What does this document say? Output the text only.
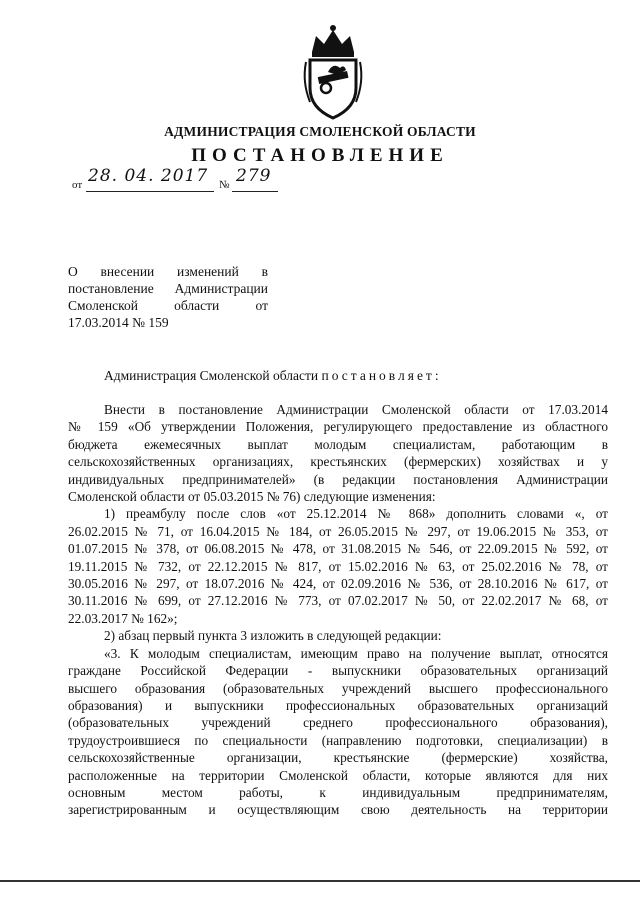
АДМИНИСТРАЦИЯ СМОЛЕНСКОЙ ОБЛАСТИ
ПОСТАНОВЛЕНИЕ
от 28. 04. 2017 № 279
О внесении изменений в
постановление Администрации
Смоленской области от
17.03.2014 № 159
Администрация Смоленской области постановляет:
Внести в постановление Администрации Смоленской области от 17.03.2014
№ 159 «Об утверждении Положения, регулирующего предоставление из областного
бюджета ежемесячных выплат молодым специалистам, работающим в
сельскохозяйственных организациях, крестьянских (фермерских) хозяйствах и у
индивидуальных предпринимателей» (в редакции постановления Администрации
Смоленской области от 05.03.2015 № 76) следующие изменения:
1) преамбулу после слов «от 25.12.2014 № 868» дополнить словами «, от
26.02.2015 № 71, от 16.04.2015 № 184, от 26.05.2015 № 297, от 19.06.2015 № 353, от
01.07.2015 № 378, от 06.08.2015 № 478, от 31.08.2015 № 546, от 22.09.2015 № 592, от
19.11.2015 № 732, от 22.12.2015 № 817, от 15.02.2016 № 63, от 25.02.2016 № 78, от
30.05.2016 № 297, от 18.07.2016 № 424, от 02.09.2016 № 536, от 28.10.2016 № 617, от
30.11.2016 № 699, от 27.12.2016 № 773, от 07.02.2017 № 50, от 22.02.2017 № 68, от
22.03.2017 № 162»;
2) абзац первый пункта 3 изложить в следующей редакции:
«3. К молодым специалистам, имеющим право на получение выплат, относятся
граждане Российской Федерации - выпускники образовательных организаций
высшего образования (образовательных учреждений высшего профессионального
образования) и выпускники профессиональных образовательных организаций
(образовательных учреждений среднего профессионального образования),
трудоустроившиеся по специальности (направлению подготовки, специализации) в
сельскохозяйственные организации, крестьянские (фермерские) хозяйства,
расположенные на территории Смоленской области, которые являются для них
основным местом работы, к индивидуальным предпринимателям,
зарегистрированным и осуществляющим свою деятельность на территории
